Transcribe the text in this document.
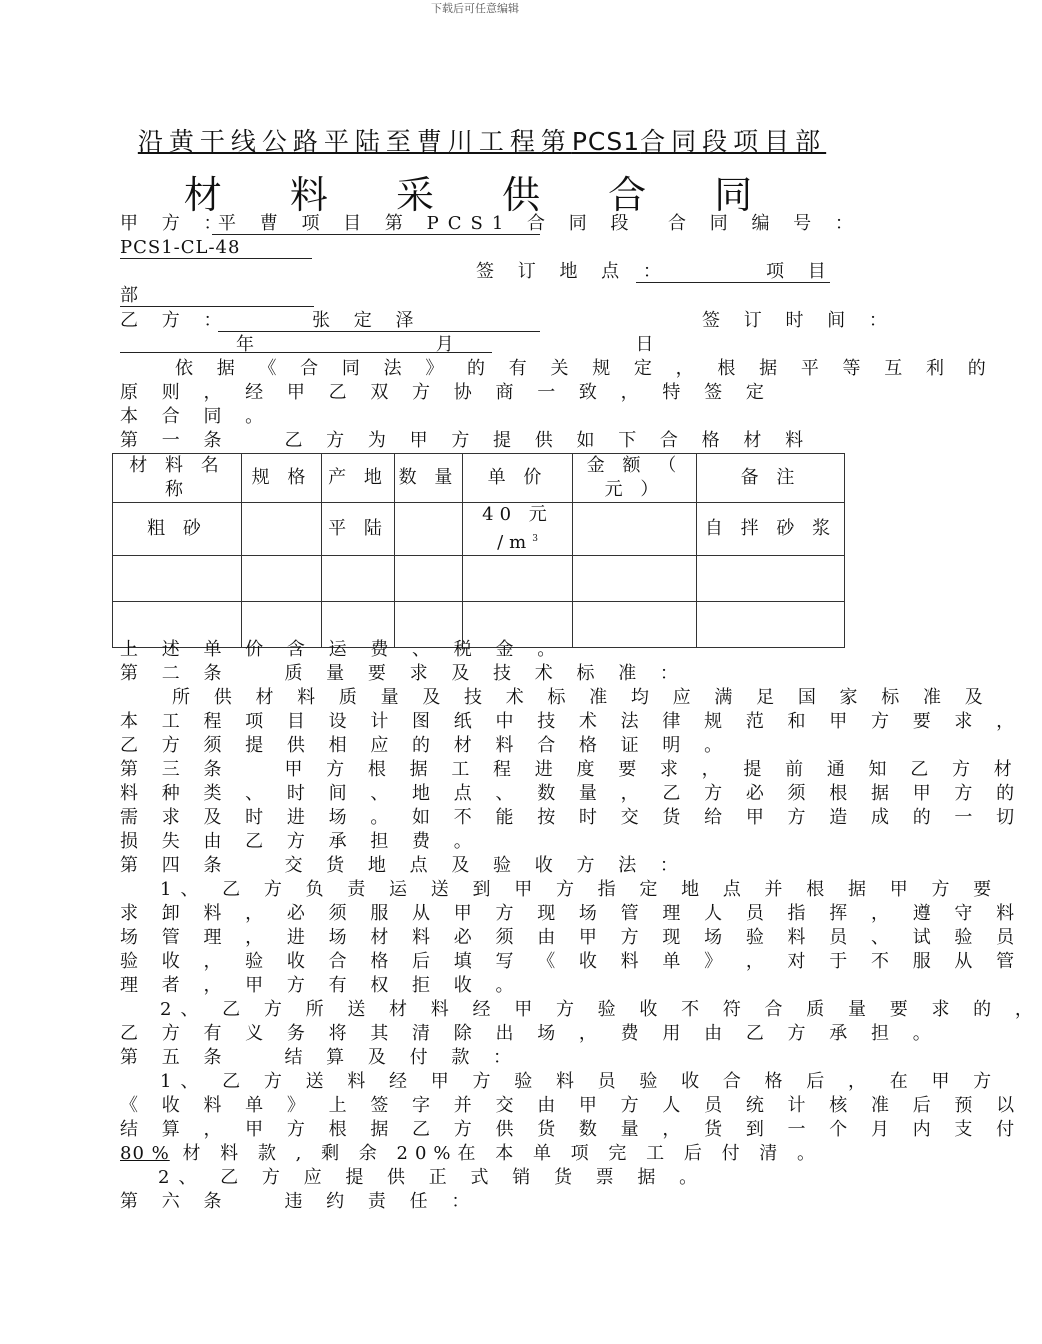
下载后可任意编辑
沿黄干线公路平陆至曹川工程第PCS1合同段项目部
材 料 采 供 合 同
甲 方 ：
平 曹 项 目 第 PCS1 合 同 段 合 同 编 号 ：
PCS1-CL-48
签 订 地 点 ：	项 目
部
乙 方 ：	张 定 泽	签 订 时 间 ：
年 月 日
依 据 《 合 同 法 》 的 有 关 规 定 ， 根 据 平 等 互 利 的
原 则 ， 经 甲 乙 双 方 协 商 一 致 ， 特 签 定
本 合 同 。
第 一 条　　乙 方 为 甲 方 提 供 如 下 合 格 材 料
材 料 名 称	规 格	产 地	数 量	单 价	金 额 （ 元 ）	备 注
粗 砂		平 陆		40 元 $/m^3$		自 拌 砂 浆

上 述 单 价 含 运 费 、 税 金 。
第 二 条　　质 量 要 求 及 技 术 标 准 ：
所 供 材 料 质 量 及 技 术 标 准 均 应 满 足 国 家 标 准 及
本 工 程 项 目 设 计 图 纸 中 技 术 法 律 规 范 和 甲 方 要 求 ，
乙 方 须 提 供 相 应 的 材 料 合 格 证 明 。
第 三 条　　甲 方 根 据 工 程 进 度 要 求 ， 提 前 通 知 乙 方 材
料 种 类 、 时 间 、 地 点 、 数 量 ， 乙 方 必 须 根 据 甲 方 的
需 求 及 时 进 场 。 如 不 能 按 时 交 货 给 甲 方 造 成 的 一 切
损 失 由 乙 方 承 担 费 。
第 四 条　　交 货 地 点 及 验 收 方 法 ：
1、 乙 方 负 责 运 送 到 甲 方 指 定 地 点 并 根 据 甲 方 要
求 卸 料 ， 必 须 服 从 甲 方 现 场 管 理 人 员 指 挥 ， 遵 守 料
场 管 理 ， 进 场 材 料 必 须 由 甲 方 现 场 验 料 员 、 试 验 员
验 收 ， 验 收 合 格 后 填 写 《 收 料 单 》 ， 对 于 不 服 从 管
理 者 ， 甲 方 有 权 拒 收 。
2、 乙 方 所 送 材 料 经 甲 方 验 收 不 符 合 质 量 要 求 的 ，
乙 方 有 义 务 将 其 清 除 出 场 ， 费 用 由 乙 方 承 担 。
第 五 条　　结 算 及 付 款 ：
1、 乙 方 送 料 经 甲 方 验 料 员 验 收 合 格 后 ， 在 甲 方
《 收 料 单 》 上 签 字 并 交 由 甲 方 人 员 统 计 核 准 后 预 以
结 算 ， 甲 方 根 据 乙 方 供 货 数 量 ， 货 到 一 个 月 内 支 付
80 % 材 料 款 , 剩 余 20%在 本 单 项 完 工 后 付 清 。
2、 乙 方 应 提 供 正 式 销 货 票 据 。
第 六 条　　违 约 责 任 ：
